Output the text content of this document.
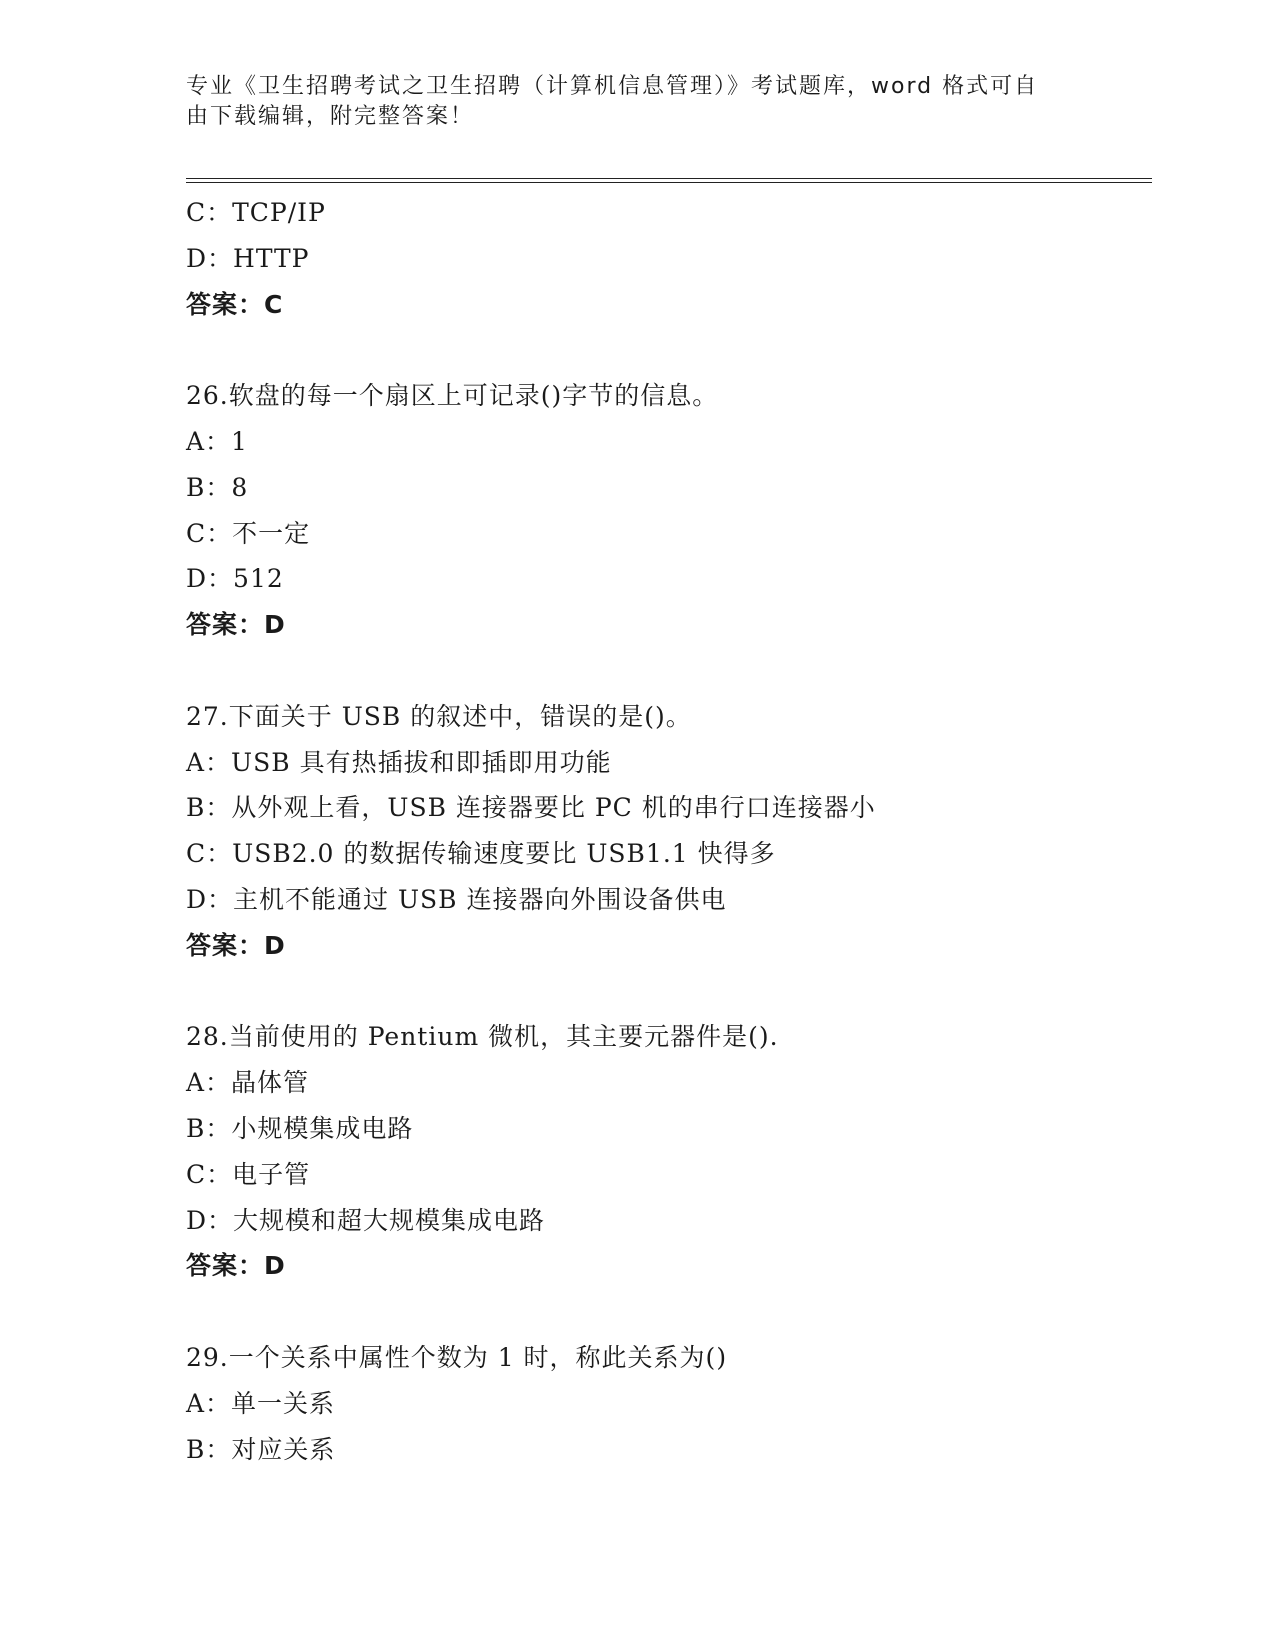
专业《卫生招聘考试之卫生招聘（计算机信息管理）》考试题库，word 格式可自
由下载编辑，附完整答案！
C：TCP/IP
D：HTTP
答案：C
26.软盘的每一个扇区上可记录()字节的信息。
A：1
B：8
C：不一定
D：512
答案：D
27.下面关于 USB 的叙述中，错误的是()。
A：USB 具有热插拔和即插即用功能
B：从外观上看，USB 连接器要比 PC 机的串行口连接器小
C：USB2.0 的数据传输速度要比 USB1.1 快得多
D：主机不能通过 USB 连接器向外围设备供电
答案：D
28.当前使用的 Pentium 微机，其主要元器件是().
A：晶体管
B：小规模集成电路
C：电子管
D：大规模和超大规模集成电路
答案：D
29.一个关系中属性个数为 1 时，称此关系为()
A：单一关系
B：对应关系
